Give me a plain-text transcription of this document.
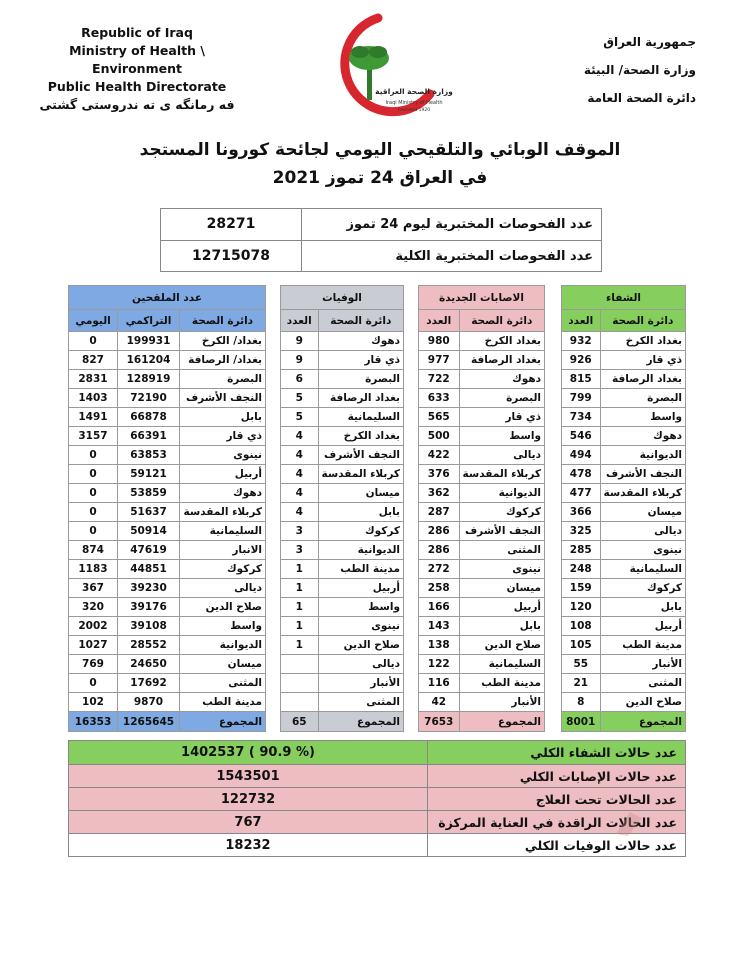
Republic of Iraq
Ministry of Health \ Environment
Public Health Directorate
فه رمانگه ی ته ندروستی گشتی
وزارة الصحة العراقية
Iraqi Ministry of Health
Founded 1920
جمهورية العراق
وزارة الصحة/ البيئة
دائرة الصحة العامة
الموقف الوبائي والتلقيحي اليومي لجائحة كورونا المستجد
في العراق 24 تموز 2021
عدد الفحوصات المختبرية ليوم 24 تموز
28271
عدد الفحوصات المختبرية الكلية
12715078
الشفاء	
دائرة الصحة	العدد
بغداد الكرخ	932
ذي قار	926
بغداد الرصافة	815
البصرة	799
واسط	734
دهوك	546
الديوانية	494
النجف الأشرف	478
كربلاء المقدسة	477
ميسان	366
ديالى	325
نينوى	285
السليمانية	248
كركوك	159
بابل	120
أربيل	108
مدينة الطب	105
الأنبار	55
المثنى	21
صلاح الدين	8
المجموع	8001
الاصابات الجديدة	
دائرة الصحة	العدد
بغداد الكرخ	980
بغداد الرصافة	977
دهوك	722
البصرة	633
ذي قار	565
واسط	500
ديالى	422
كربلاء المقدسة	376
الديوانية	362
كركوك	287
النجف الأشرف	286
المثنى	286
نينوى	272
ميسان	258
أربيل	166
بابل	143
صلاح الدين	138
السليمانية	122
مدينة الطب	116
الأنبار	42
المجموع	7653
الوفيات	
دائرة الصحة	العدد
دهوك	9
ذي قار	9
البصرة	6
بغداد الرصافة	5
السليمانية	5
بغداد الكرخ	4
النجف الأشرف	4
كربلاء المقدسة	4
ميسان	4
بابل	4
كركوك	3
الديوانية	3
مدينة الطب	1
أربيل	1
واسط	1
نينوى	1
صلاح الدين	1
ديالى	
الأنبار	
المثنى	
المجموع	65
عدد الملقحين		
دائرة الصحة	التراكمي	اليومي
بغداد/ الكرخ	199931	0
بغداد/ الرصافة	161204	827
البصرة	128919	2831
النجف الأشرف	72190	1403
بابل	66878	1491
ذي قار	66391	3157
نينوى	63853	0
أربيل	59121	0
دهوك	53859	0
كربلاء المقدسة	51637	0
السليمانية	50914	0
الانبار	47619	874
كركوك	44851	1183
ديالى	39230	367
صلاح الدين	39176	320
واسط	39108	2002
الديوانية	28552	1027
ميسان	24650	769
المثنى	17692	0
مدينة الطب	9870	102
المجموع	1265645	16353
عدد حالات الشفاء الكلي
1402537 ( 90.9 %)
عدد حالات الإصابات الكلي
1543501
عدد الحالات تحت العلاج
122732
عدد الحالات الراقدة في العناية المركزة
767
عدد حالات الوفيات الكلي
18232
